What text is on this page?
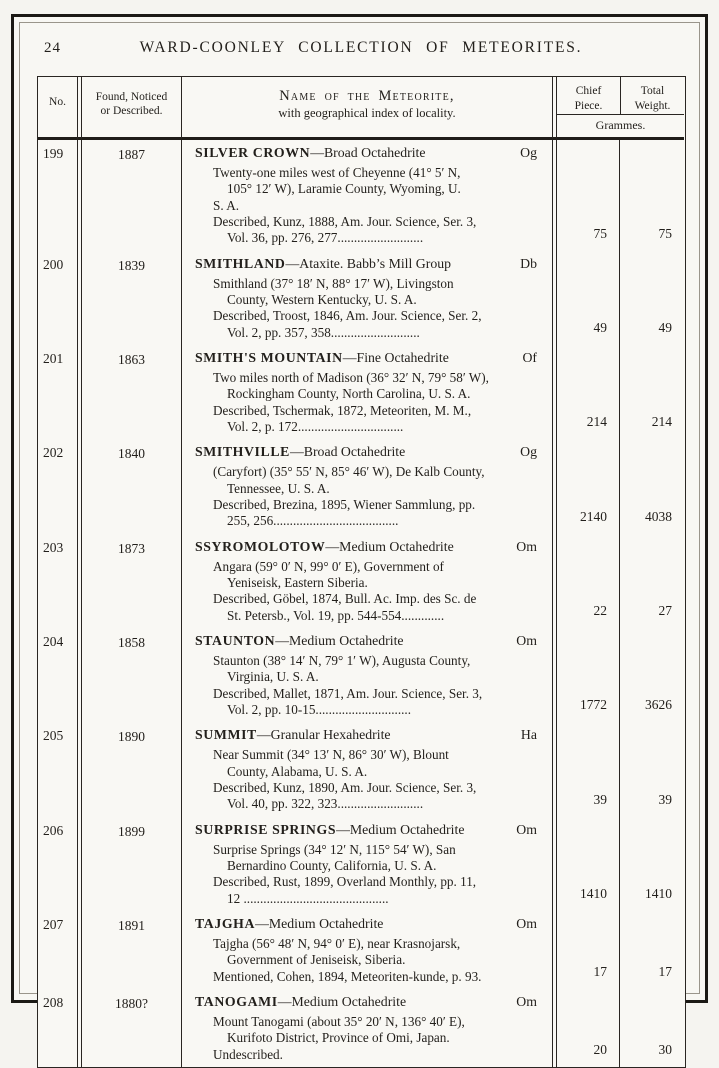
24	WARD-COONLEY COLLECTION OF METEORITES.
No.	Found, Noticed
or Described.
Name of the Meteorite,
with geographical index of locality.
Chief
Piece.
Total
Weight.
Grammes.
199	1887	SILVER CROWN — Broad Octahedrite	Og
Twenty-one miles west of Cheyenne (41° 5′ N,
105° 12′ W), Laramie County, Wyoming, U.
S. A.
Described, Kunz, 1888, Am. Jour. Science, Ser. 3,
Vol. 36, pp. 276, 277..........................	75	75
200	1839	SMITHLAND — Ataxite. Babb’s Mill Group	Db
Smithland (37° 18′ N, 88° 17′ W), Livingston
County, Western Kentucky, U. S. A.
Described, Troost, 1846, Am. Jour. Science, Ser. 2,
Vol. 2, pp. 357, 358...........................	49	49
201	1863	SMITH'S MOUNTAIN — Fine Octahedrite	Of
Two miles north of Madison (36° 32′ N, 79° 58′ W),
Rockingham County, North Carolina, U. S. A.
Described, Tschermak, 1872, Meteoriten, M. M.,
Vol. 2, p. 172................................	214	214
202	1840	SMITHVILLE — Broad Octahedrite	Og
(Caryfort) (35° 55′ N, 85° 46′ W), De Kalb County,
Tennessee, U. S. A.
Described, Brezina, 1895, Wiener Sammlung, pp.
255, 256......................................	2140	4038
203	1873	SSYROMOLOTOW — Medium Octahedrite	Om
Angara (59° 0′ N, 99° 0′ E), Government of
Yeniseisk, Eastern Siberia.
Described, Göbel, 1874, Bull. Ac. Imp. des Sc. de
St. Petersb., Vol. 19, pp. 544-554.............	22	27
204	1858	STAUNTON — Medium Octahedrite	Om
Staunton (38° 14′ N, 79° 1′ W), Augusta County,
Virginia, U. S. A.
Described, Mallet, 1871, Am. Jour. Science, Ser. 3,
Vol. 2, pp. 10-15.............................	1772	3626
205	1890	SUMMIT — Granular Hexahedrite	Ha
Near Summit (34° 13′ N, 86° 30′ W), Blount
County, Alabama, U. S. A.
Described, Kunz, 1890, Am. Jour. Science, Ser. 3,
Vol. 40, pp. 322, 323..........................	39	39
206	1899	SURPRISE SPRINGS — Medium Octahedrite	Om
Surprise Springs (34° 12′ N, 115° 54′ W), San
Bernardino County, California, U. S. A.
Described, Rust, 1899, Overland Monthly, pp. 11,
12 ............................................	1410	1410
207	1891	TAJGHA — Medium Octahedrite	Om
Tajgha (56° 48′ N, 94° 0′ E), near Krasnojarsk,
Government of Jeniseisk, Siberia.
Mentioned, Cohen, 1894, Meteoriten-kunde, p. 93.	17	17
208	1880?	TANOGAMI — Medium Octahedrite	Om
Mount Tanogami (about 35° 20′ N, 136° 40′ E),
Kurifoto District, Province of Omi, Japan.
Undescribed.	20	30
